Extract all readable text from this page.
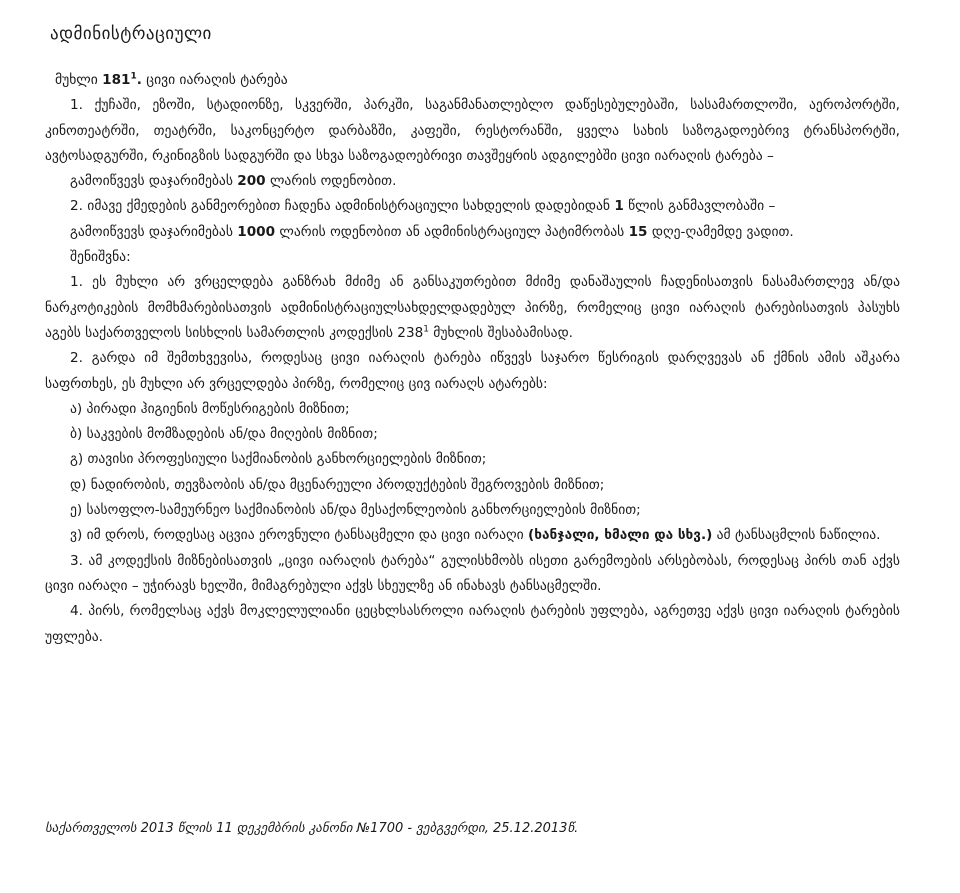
ადმინისტრაციული

მუხლი $181^1$. ცივი იარაღის ტარება

1. ქუჩაში, ეზოში, სტადიონზე, სკვერში, პარკში, საგანმანათლებლო დაწესებულებაში, სასამართლოში, აეროპორტში, კინოთეატრში, თეატრში, საკონცერტო დარბაზში, კაფეში, რესტორანში, ყველა სახის საზოგადოებრივ ტრანსპორტში, ავტოსადგურში, რკინიგზის სადგურში და სხვა საზოგადოებრივი თავშეყრის ადგილებში ცივი იარაღის ტარება –

გამოიწვევს დაჯარიმებას 200 ლარის ოდენობით.

2. იმავე ქმედების განმეორებით ჩადენა ადმინისტრაციული სახდელის დადებიდან 1 წლის განმავლობაში –

გამოიწვევს დაჯარიმებას 1000 ლარის ოდენობით ან ადმინისტრაციულ პატიმრობას 15 დღე-ღამემდე ვადით.

შენიშვნა:

1. ეს მუხლი არ ვრცელდება განზრახ მძიმე ან განსაკუთრებით მძიმე დანაშაულის ჩადენისათვის ნასამართლევ ან/და ნარკოტიკების მომხმარებისათვის ადმინისტრაციულსახდელდადებულ პირზე, რომელიც ცივი იარაღის ტარებისათვის პასუხს აგებს საქართველოს სისხლის სამართლის კოდექსის $238^1$ მუხლის შესაბამისად.

2. გარდა იმ შემთხვევისა, როდესაც ცივი იარაღის ტარება იწვევს საჯარო წესრიგის დარღვევას ან ქმნის ამის აშკარა საფრთხეს, ეს მუხლი არ ვრცელდება პირზე, რომელიც ცივ იარაღს ატარებს:

ა) პირადი ჰიგიენის მოწესრიგების მიზნით;

ბ) საკვების მომზადების ან/და მიღების მიზნით;

გ) თავისი პროფესიული საქმიანობის განხორციელების მიზნით;

დ) ნადირობის, თევზაობის ან/და მცენარეული პროდუქტების შეგროვების მიზნით;

ე) სასოფლო-სამეურნეო საქმიანობის ან/და მესაქონლეობის განხორციელების მიზნით;

ვ) იმ დროს, როდესაც აცვია ეროვნული ტანსაცმელი და ცივი იარაღი (ხანჯალი, ხმალი და სხვ.) ამ ტანსაცმლის ნაწილია.

3. ამ კოდექსის მიზნებისათვის „ცივი იარაღის ტარება“ გულისხმობს ისეთი გარემოების არსებობას, როდესაც პირს თან აქვს ცივი იარაღი – უჭირავს ხელში, მიმაგრებული აქვს სხეულზე ან ინახავს ტანსაცმელში.

4. პირს, რომელსაც აქვს მოკლელულიანი ცეცხლსასროლი იარაღის ტარების უფლება, აგრეთვე აქვს ცივი იარაღის ტარების უფლება.

საქართველოს 2013 წლის 11 დეკემბრის კანონი №1700 - ვებგვერდი, 25.12.2013წ.
